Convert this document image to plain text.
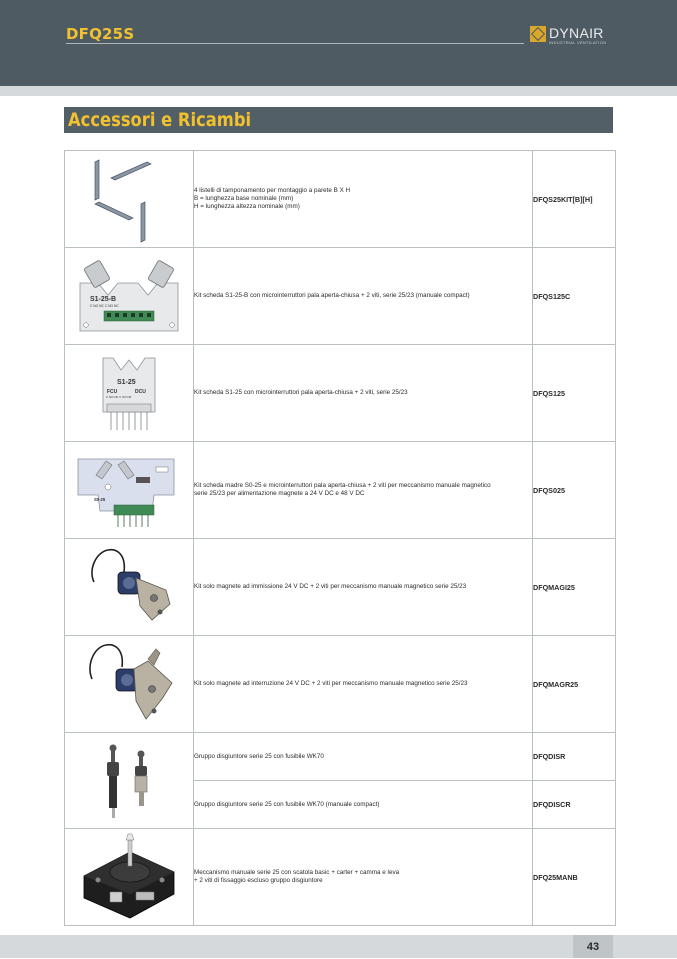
DFQ25S	DYNAIR
INDUSTRIAL VENTILATION
Accessori e Ricambi

4 listelli di tamponamento per montaggio a parete B X H
B = lunghezza base nominale (mm)
H = lunghezza altezza nominale (mm)	DFQS25KIT[B][H]

S1-25-B
C NO NC C NO NC	Kit scheda S1-25-B con microinterruttori pala aperta-chiusa + 2 viti, serie 25/23 (manuale compact)	DFQS125C

S1-25
FCU DCU
C NO NF C NO NF	Kit scheda S1-25 con microinterruttori pala aperta-chiusa + 2 viti, serie 25/23	DFQS125

S0-25	Kit scheda madre S0-25 e microinterruttori pala aperta-chiusa + 2 viti per meccanismo manuale magnetico
serie 25/23 per alimentazione magnete a 24 V DC e 48 V DC	DFQS025

Kit solo magnete ad immissione 24 V DC + 2 viti per meccanismo manuale magnetico serie 25/23	DFQMAGI25

Kit solo magnete ad interruzione 24 V DC + 2 viti per meccanismo manuale magnetico serie 25/23	DFQMAGR25

Gruppo disgiuntore serie 25 con fusibile WK70	DFQDISR

	Gruppo disgiuntore serie 25 con fusibile WK70 (manuale compact)	DFQDISCR

Meccanismo manuale serie 25 con scatola basic + carter + camma e leva
+ 2 viti di fissaggio escluso gruppo disgiuntore	DFQ25MANB
43
